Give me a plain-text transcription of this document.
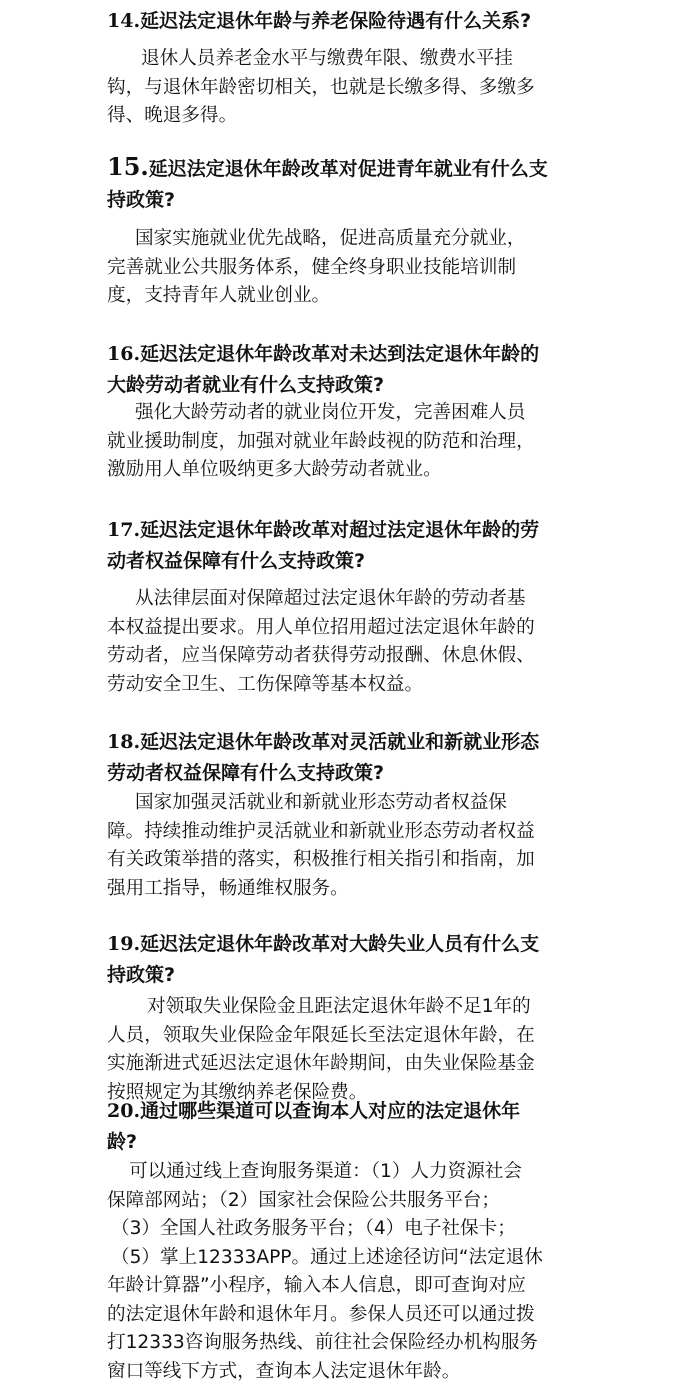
14.延迟法定退休年龄与养老保险待遇有什么关系?

退休人员养老金水平与缴费年限、缴费水平挂
钩，与退休年龄密切相关，也就是长缴多得、多缴多
得、晚退多得。

15.延迟法定退休年龄改革对促进青年就业有什么支
持政策?

国家实施就业优先战略，促进高质量充分就业，
完善就业公共服务体系，健全终身职业技能培训制
度，支持青年人就业创业。

16.延迟法定退休年龄改革对未达到法定退休年龄的
大龄劳动者就业有什么支持政策?

强化大龄劳动者的就业岗位开发，完善困难人员
就业援助制度，加强对就业年龄歧视的防范和治理，
激励用人单位吸纳更多大龄劳动者就业。

17.延迟法定退休年龄改革对超过法定退休年龄的劳
动者权益保障有什么支持政策?

从法律层面对保障超过法定退休年龄的劳动者基
本权益提出要求。用人单位招用超过法定退休年龄的
劳动者，应当保障劳动者获得劳动报酬、休息休假、
劳动安全卫生、工伤保障等基本权益。

18.延迟法定退休年龄改革对灵活就业和新就业形态
劳动者权益保障有什么支持政策?

国家加强灵活就业和新就业形态劳动者权益保
障。持续推动维护灵活就业和新就业形态劳动者权益
有关政策举措的落实，积极推行相关指引和指南，加
强用工指导，畅通维权服务。

19.延迟法定退休年龄改革对大龄失业人员有什么支
持政策?

对领取失业保险金且距法定退休年龄不足1年的
人员，领取失业保险金年限延长至法定退休年龄，在
实施渐进式延迟法定退休年龄期间，由失业保险基金
按照规定为其缴纳养老保险费。

20.通过哪些渠道可以查询本人对应的法定退休年
龄?

可以通过线上查询服务渠道：（1）人力资源社会
保障部网站；（2）国家社会保险公共服务平台；
（3）全国人社政务服务平台；（4）电子社保卡；
（5）掌上12333APP。通过上述途径访问“法定退休
年龄计算器”小程序，输入本人信息，即可查询对应
的法定退休年龄和退休年月。参保人员还可以通过拨
打12333咨询服务热线、前往社会保险经办机构服务
窗口等线下方式，查询本人法定退休年龄。
